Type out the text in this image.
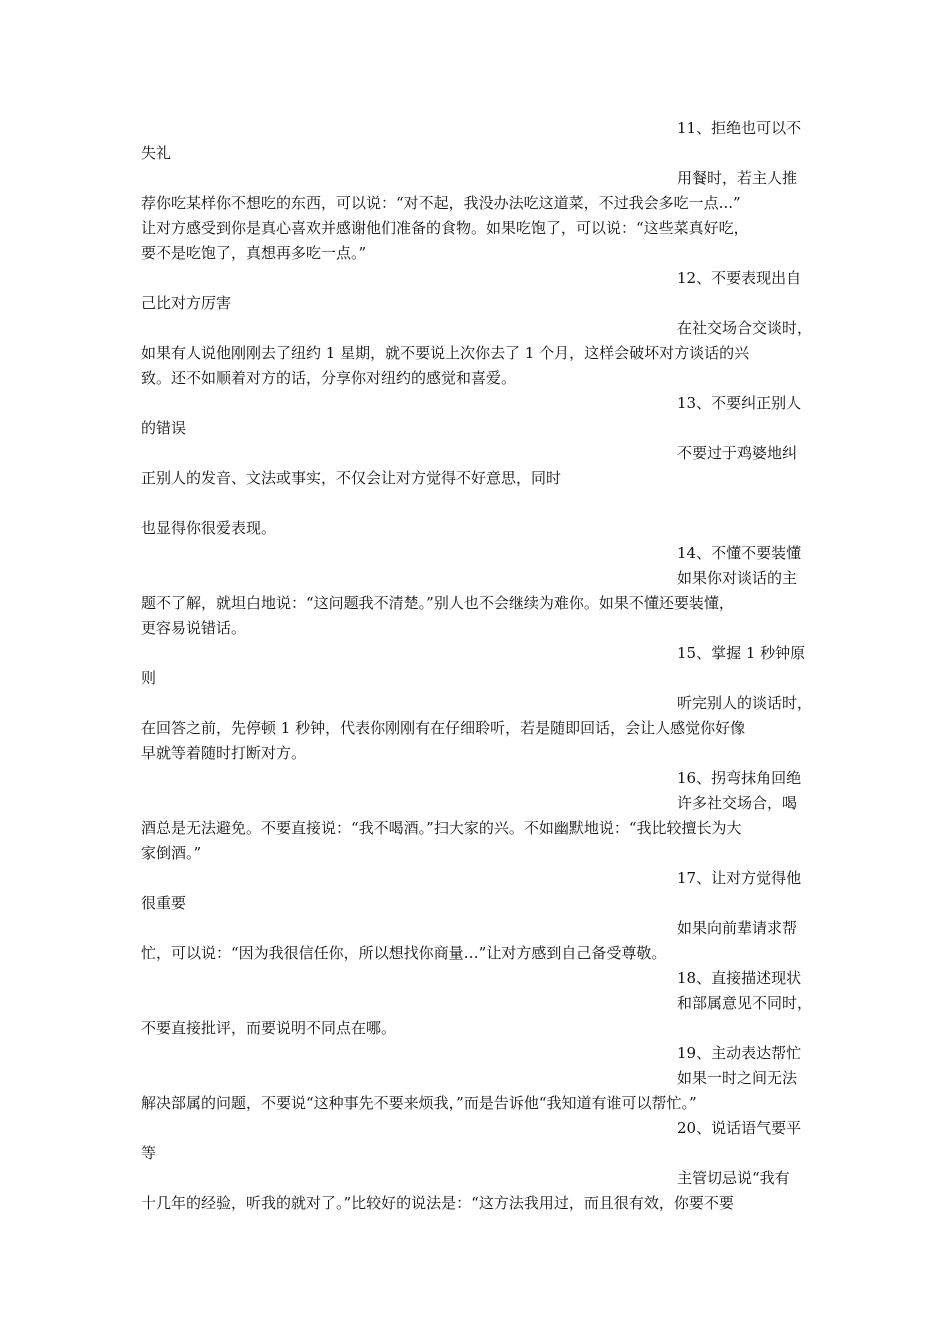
11、拒绝也可以不
失礼
用餐时，若主人推
荐你吃某样你不想吃的东西，可以说：“对不起，我没办法吃这道菜，不过我会多吃一点...”
让对方感受到你是真心喜欢并感谢他们准备的食物。如果吃饱了，可以说：“这些菜真好吃，
要不是吃饱了，真想再多吃一点。”
12、不要表现出自
己比对方厉害
在社交场合交谈时，
如果有人说他刚刚去了纽约 1 星期，就不要说上次你去了 1 个月，这样会破坏对方谈话的兴
致。还不如顺着对方的话，分享你对纽约的感觉和喜爱。
13、不要纠正别人
的错误
不要过于鸡婆地纠
正别人的发音、文法或事实，不仅会让对方觉得不好意思，同时
也显得你很爱表现。
14、不懂不要装懂
如果你对谈话的主
题不了解，就坦白地说：“这问题我不清楚。”别人也不会继续为难你。如果不懂还要装懂，
更容易说错话。
15、掌握 1 秒钟原
则
听完别人的谈话时，
在回答之前，先停顿 1 秒钟，代表你刚刚有在仔细聆听，若是随即回话，会让人感觉你好像
早就等着随时打断对方。
16、拐弯抹角回绝
许多社交场合，喝
酒总是无法避免。不要直接说：“我不喝酒。”扫大家的兴。不如幽默地说：“我比较擅长为大
家倒酒。”
17、让对方觉得他
很重要
如果向前辈请求帮
忙，可以说：“因为我很信任你，所以想找你商量…”让对方感到自己备受尊敬。
18、直接描述现状
和部属意见不同时，
不要直接批评，而要说明不同点在哪。
19、主动表达帮忙
如果一时之间无法
解决部属的问题，不要说“这种事先不要来烦我，”而是告诉他“我知道有谁可以帮忙。”
20、说话语气要平
等
主管切忌说“我有
十几年的经验，听我的就对了。”比较好的说法是：“这方法我用过，而且很有效，你要不要
